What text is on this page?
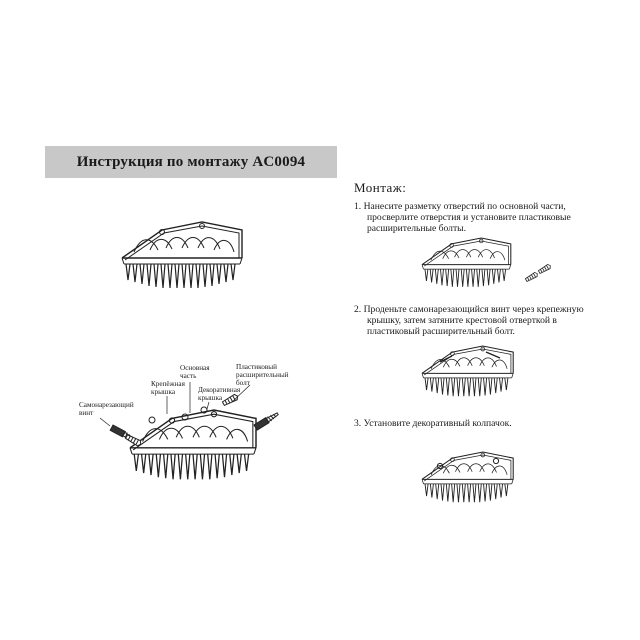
Инструкция по монтажу AC0094
Монтаж:
1. Нанесите разметку отверстий по основной части,
просверлите отверстия и установите пластиковые
расширительные болты.
2. Проденьте самонарезающийся винт через крепежную
крышку, затем затяните крестовой отверткой в
пластиковый расширительный болт.
3. Установите декоративный колпачок.
Самонарезающий
винт
Крепёжная
крышка
Основная
часть
Декоративная
крышка
Пластиковый
расширительный
болт
